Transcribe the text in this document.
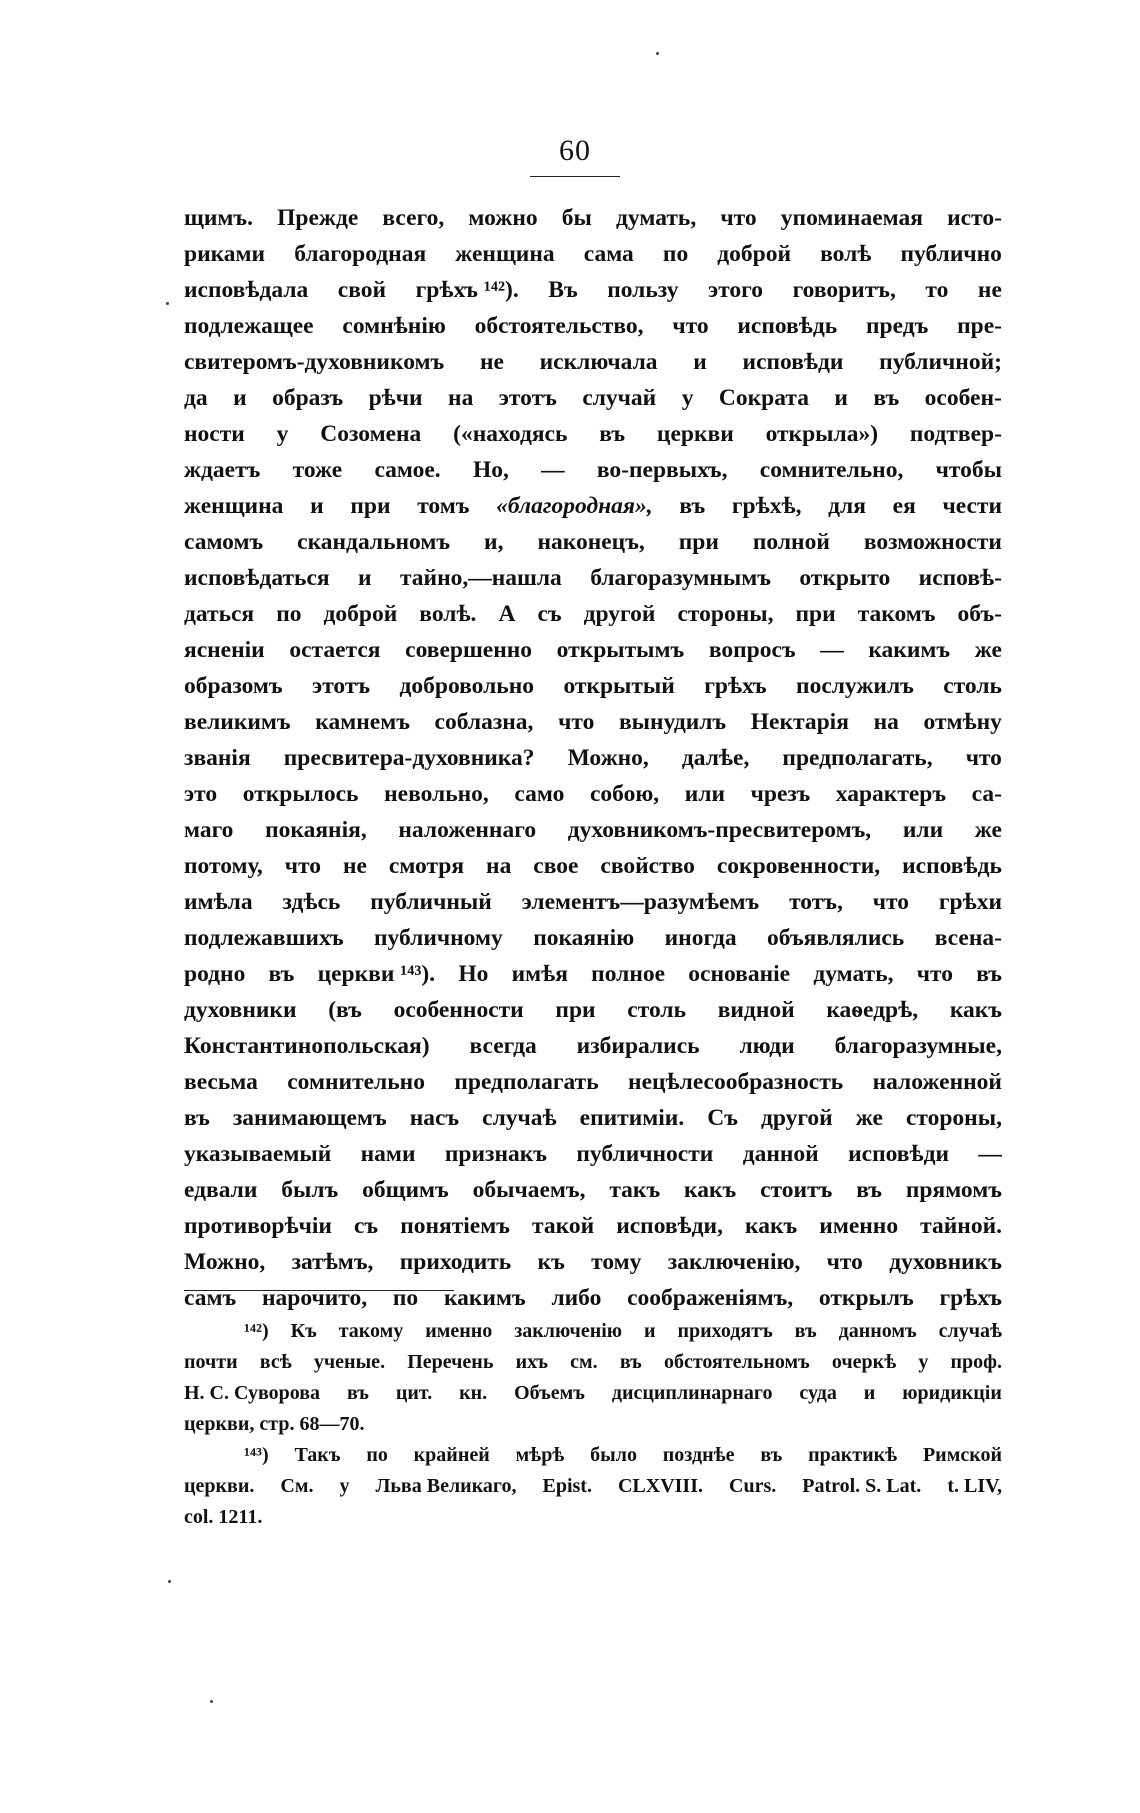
60
щимъ. Прежде всего, можно бы думать, что упоминаемая исто-
риками благородная женщина сама по доброй волѣ публично
исповѣдала свой грѣхъ ¹⁴²). Въ пользу этого говоритъ, то не
подлежащее сомнѣнію обстоятельство, что исповѣдь предъ пре-
свитеромъ-духовникомъ не исключала и исповѣди публичной;
да и образъ рѣчи на этотъ случай у Сократа и въ особен-
ности у Созомена («находясь въ церкви открыла») подтвер-
ждаетъ тоже самое. Но, — во-первыхъ, сомнительно, чтобы
женщина и при томъ «благородная», въ грѣхѣ, для ея чести
самомъ скандальномъ и, наконецъ, при полной возможности
исповѣдаться и тайно,—нашла благоразумнымъ открыто исповѣ-
даться по доброй волѣ. А съ другой стороны, при такомъ объ-
ясненіи остается совершенно открытымъ вопросъ — какимъ же
образомъ этотъ добровольно открытый грѣхъ послужилъ столь
великимъ камнемъ соблазна, что вынудилъ Нектарія на отмѣну
званія пресвитера-духовника? Можно, далѣе, предполагать, что
это открылось невольно, само собою, или чрезъ характеръ са-
маго покаянія, наложеннаго духовникомъ-пресвитеромъ, или же
потому, что не смотря на свое свойство сокровенности, исповѣдь
имѣла здѣсь публичный элементъ—разумѣемъ тотъ, что грѣхи
подлежавшихъ публичному покаянію иногда объявлялись всена-
родно въ церкви ¹⁴³). Но имѣя полное основаніе думать, что въ
духовники (въ особенности при столь видной каѳедрѣ, какъ
Константинопольская) всегда избирались люди благоразумные,
весьма сомнительно предполагать нецѣлесообразность наложенной
въ занимающемъ насъ случаѣ епитиміи. Съ другой же стороны,
указываемый нами признакъ публичности данной исповѣди —
едвали былъ общимъ обычаемъ, такъ какъ стоитъ въ прямомъ
противорѣчіи съ понятіемъ такой исповѣди, какъ именно тайной.
Можно, затѣмъ, приходить къ тому заключенію, что духовникъ
самъ нарочито, по какимъ либо соображеніямъ, открылъ грѣхъ
¹⁴²) Къ такому именно заключенію и приходятъ въ данномъ случаѣ
почти всѣ ученые. Перечень ихъ см. въ обстоятельномъ очеркѣ у проф.
Н. С. Суворова въ цит. кн. Объемъ дисциплинарнаго суда и юридикціи
церкви, стр. 68—70.
¹⁴³) Такъ по крайней мѣрѣ было позднѣе въ практикѣ Римской
церкви. См. у Льва Великаго, Epist. CLXVIII. Curs. Patrol. S. Lat. t. LIV,
col. 1211.
